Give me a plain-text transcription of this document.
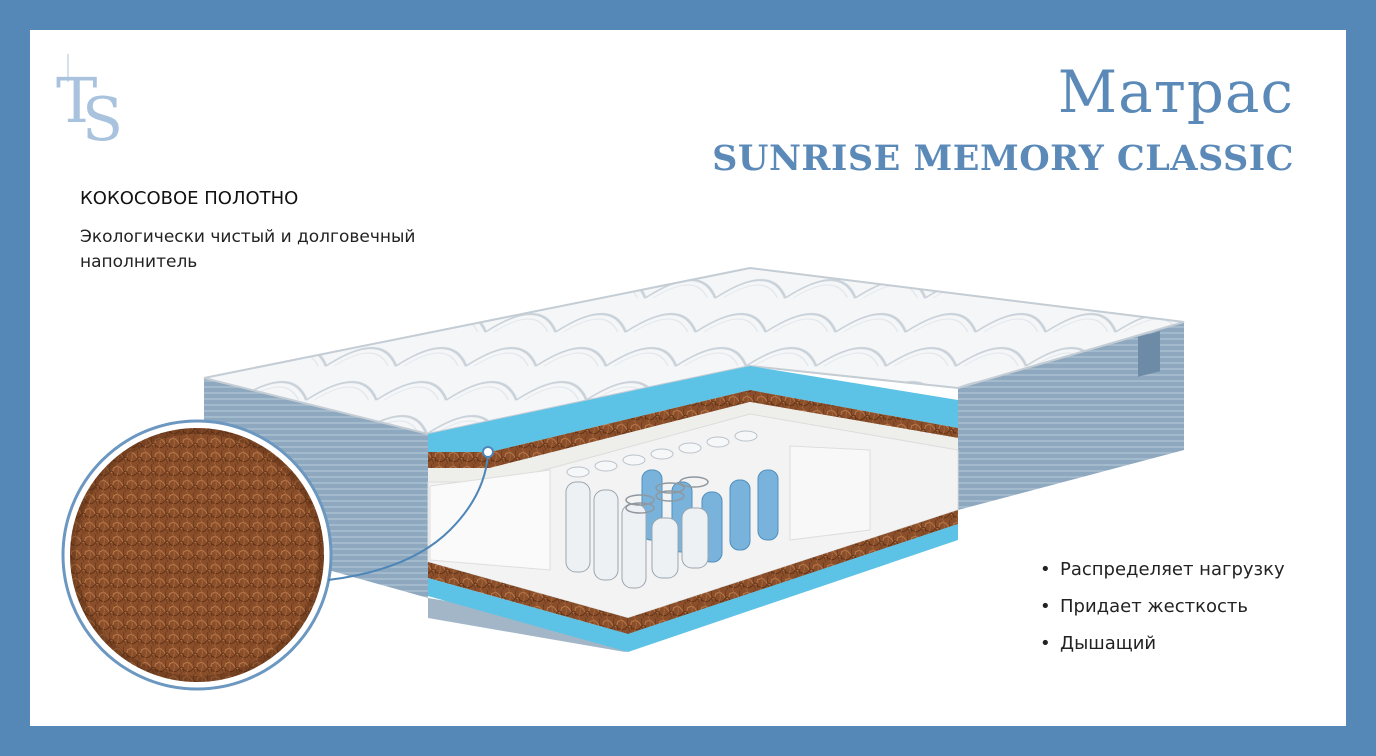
T
S	Матрас
SUNRISE MEMORY CLASSIC
КОКОСОВОЕ ПОЛОТНО
Экологически чистый и долговечный наполнитель
• Распределяет нагрузку
• Придает жесткость
• Дышащий
